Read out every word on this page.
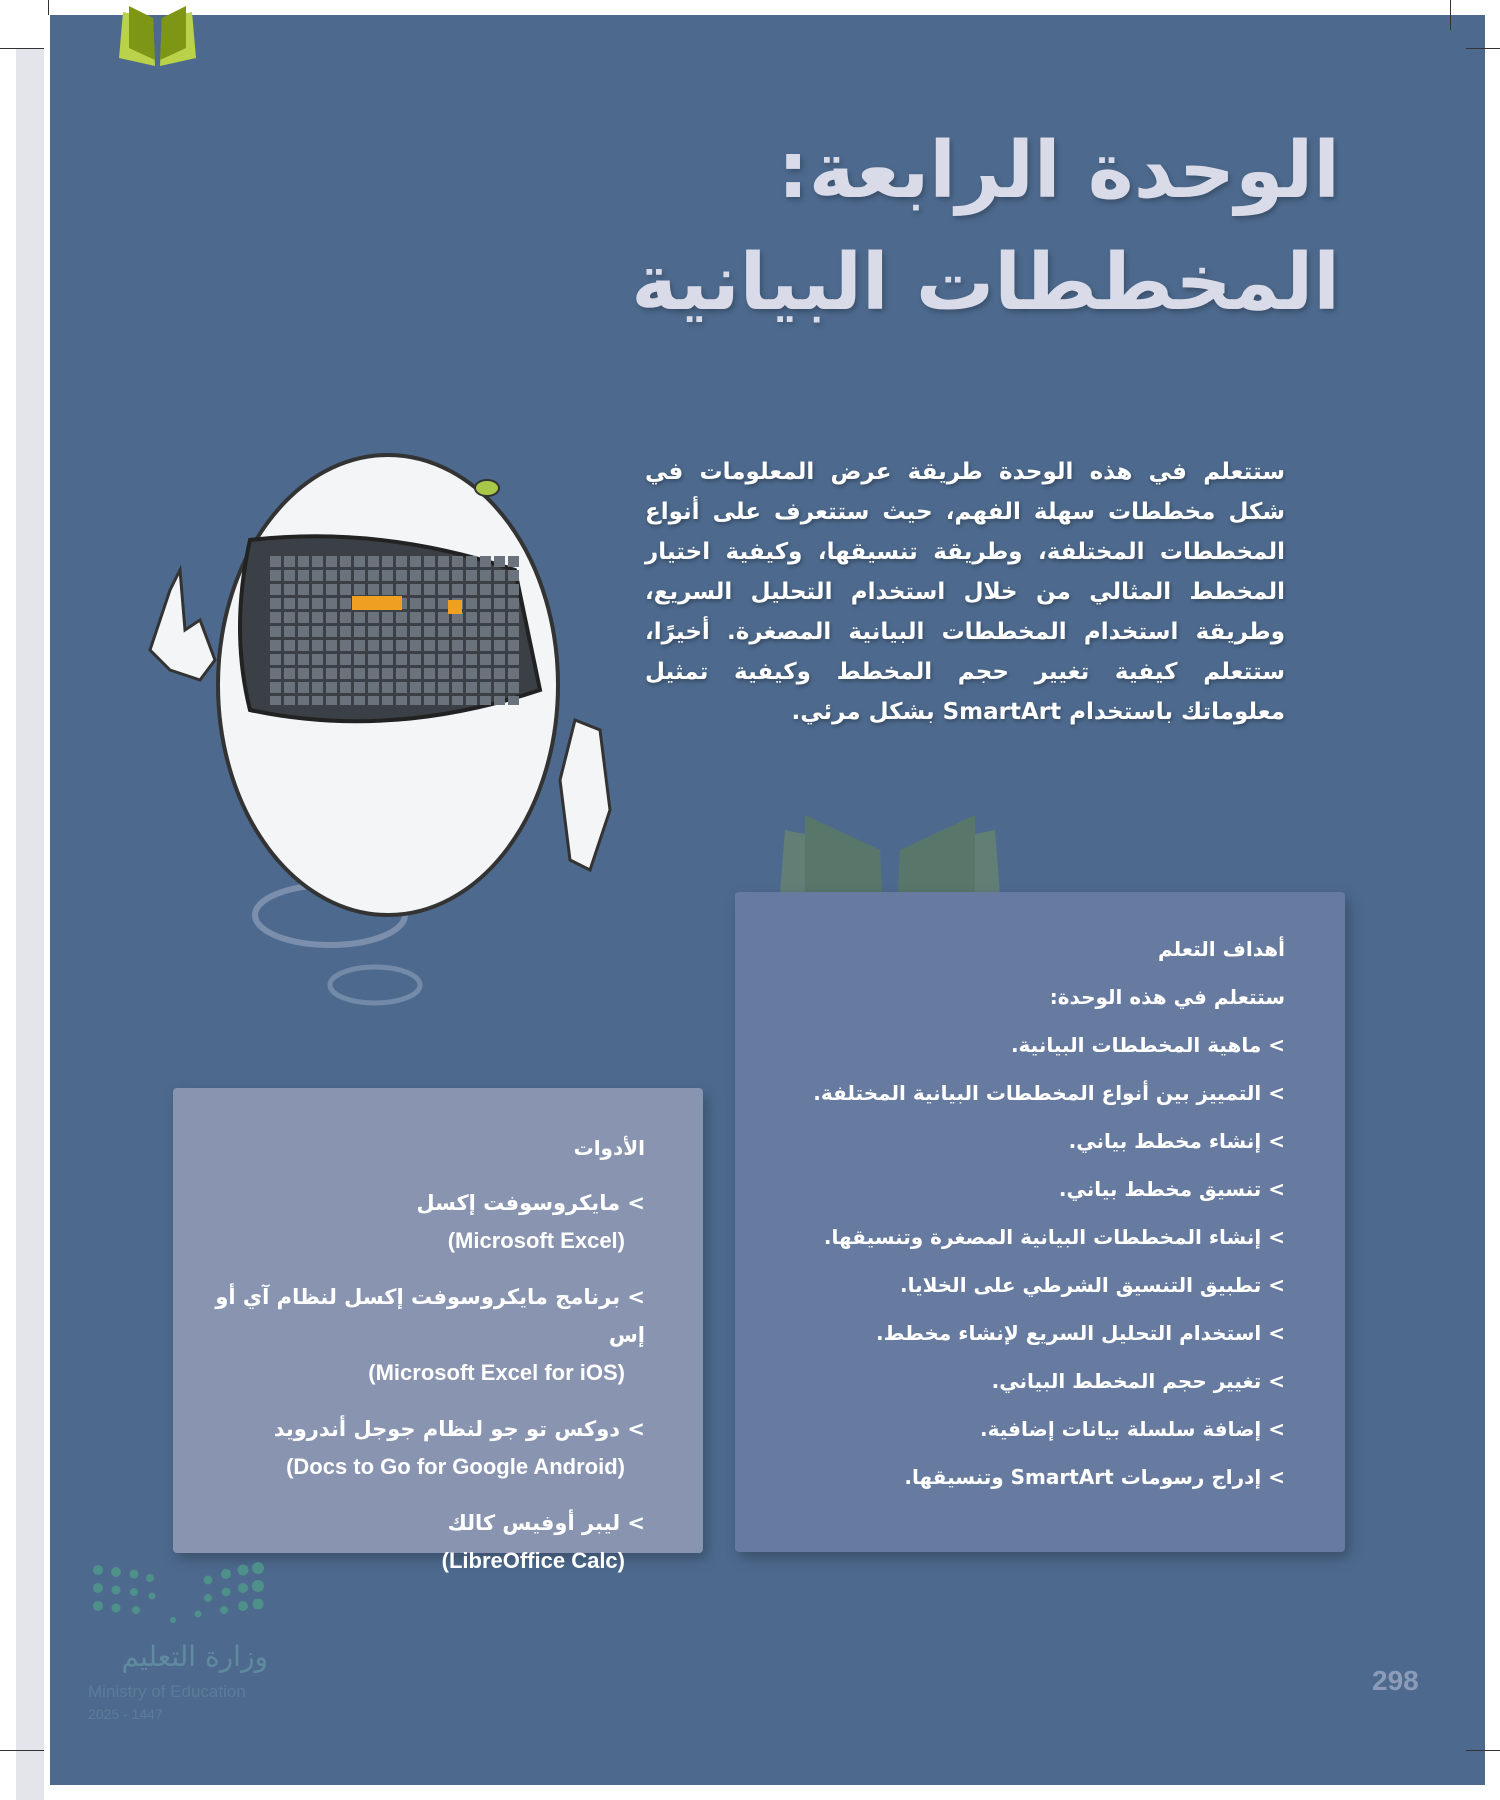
الوحدة الرابعة:
المخططات البيانية
ستتعلم في هذه الوحدة طريقة عرض المعلومات في شكل مخططات سهلة الفهم، حيث ستتعرف على أنواع المخططات المختلفة، وطريقة تنسيقها، وكيفية اختيار المخطط المثالي من خلال استخدام التحليل السريع، وطريقة استخدام المخططات البيانية المصغرة. أخيرًا، ستتعلم كيفية تغيير حجم المخطط وكيفية تمثيل معلوماتك باستخدام SmartArt بشكل مرئي.
أهداف التعلم
ستتعلم في هذه الوحدة:
> ماهية المخططات البيانية.
> التمييز بين أنواع المخططات البيانية المختلفة.
> إنشاء مخطط بياني.
> تنسيق مخطط بياني.
> إنشاء المخططات البيانية المصغرة وتنسيقها.
> تطبيق التنسيق الشرطي على الخلايا.
> استخدام التحليل السريع لإنشاء مخطط.
> تغيير حجم المخطط البياني.
> إضافة سلسلة بيانات إضافية.
> إدراج رسومات SmartArt وتنسيقها.
الأدوات
> مايكروسوفت إكسل
(Microsoft Excel)
> برنامج مايكروسوفت إكسل لنظام آي أو إس
(Microsoft Excel for iOS)
> دوكس تو جو لنظام جوجل أندرويد
(Docs to Go for Google Android)
> ليبر أوفيس كالك
(LibreOffice Calc)
وزارة التعليم
Ministry of Education
2025 - 1447
298
